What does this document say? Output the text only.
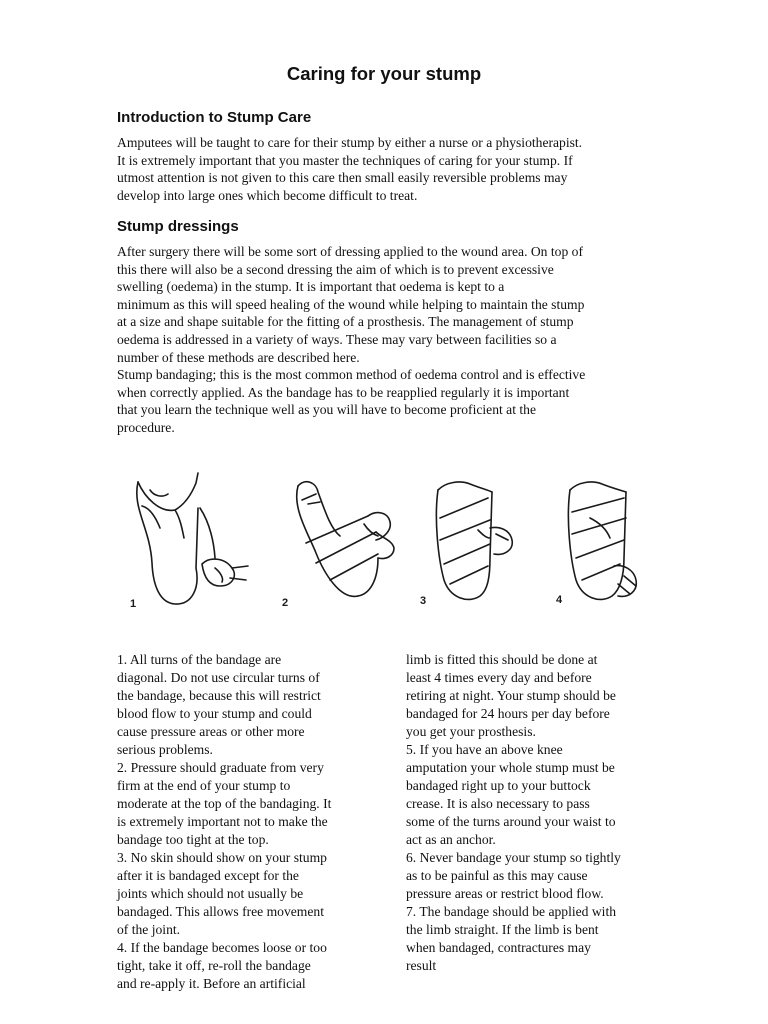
Caring for your stump
Introduction to Stump Care
Amputees will be taught to care for their stump by either a nurse or a physiotherapist.
It is extremely important that you master the techniques of caring for your stump. If
utmost attention is not given to this care then small easily reversible problems may
develop into large ones which become difficult to treat.
Stump dressings
After surgery there will be some sort of dressing applied to the wound area. On top of
this there will also be a second dressing the aim of which is to prevent excessive
swelling (oedema) in the stump. It is important that oedema is kept to a
minimum as this will speed healing of the wound while helping to maintain the stump
at a size and shape suitable for the fitting of a prosthesis. The management of stump
oedema is addressed in a variety of ways. These may vary between facilities so a
number of these methods are described here.
Stump bandaging; this is the most common method of oedema control and is effective
when correctly applied. As the bandage has to be reapplied regularly it is important
that you learn the technique well as you will have to become proficient at the
procedure.
1	2	3	4
1. All turns of the bandage are
diagonal. Do not use circular turns of
the bandage, because this will restrict
blood flow to your stump and could
cause pressure areas or other more
serious problems.
2. Pressure should graduate from very
firm at the end of your stump to
moderate at the top of the bandaging. It
is extremely important not to make the
bandage too tight at the top.
3. No skin should show on your stump
after it is bandaged except for the
joints which should not usually be
bandaged. This allows free movement
of the joint.
4. If the bandage becomes loose or too
tight, take it off, re-roll the bandage
and re-apply it. Before an artificial
limb is fitted this should be done at
least 4 times every day and before
retiring at night. Your stump should be
bandaged for 24 hours per day before
you get your prosthesis.
5. If you have an above knee
amputation your whole stump must be
bandaged right up to your buttock
crease. It is also necessary to pass
some of the turns around your waist to
act as an anchor.
6. Never bandage your stump so tightly
as to be painful as this may cause
pressure areas or restrict blood flow.
7. The bandage should be applied with
the limb straight. If the limb is bent
when bandaged, contractures may
result
